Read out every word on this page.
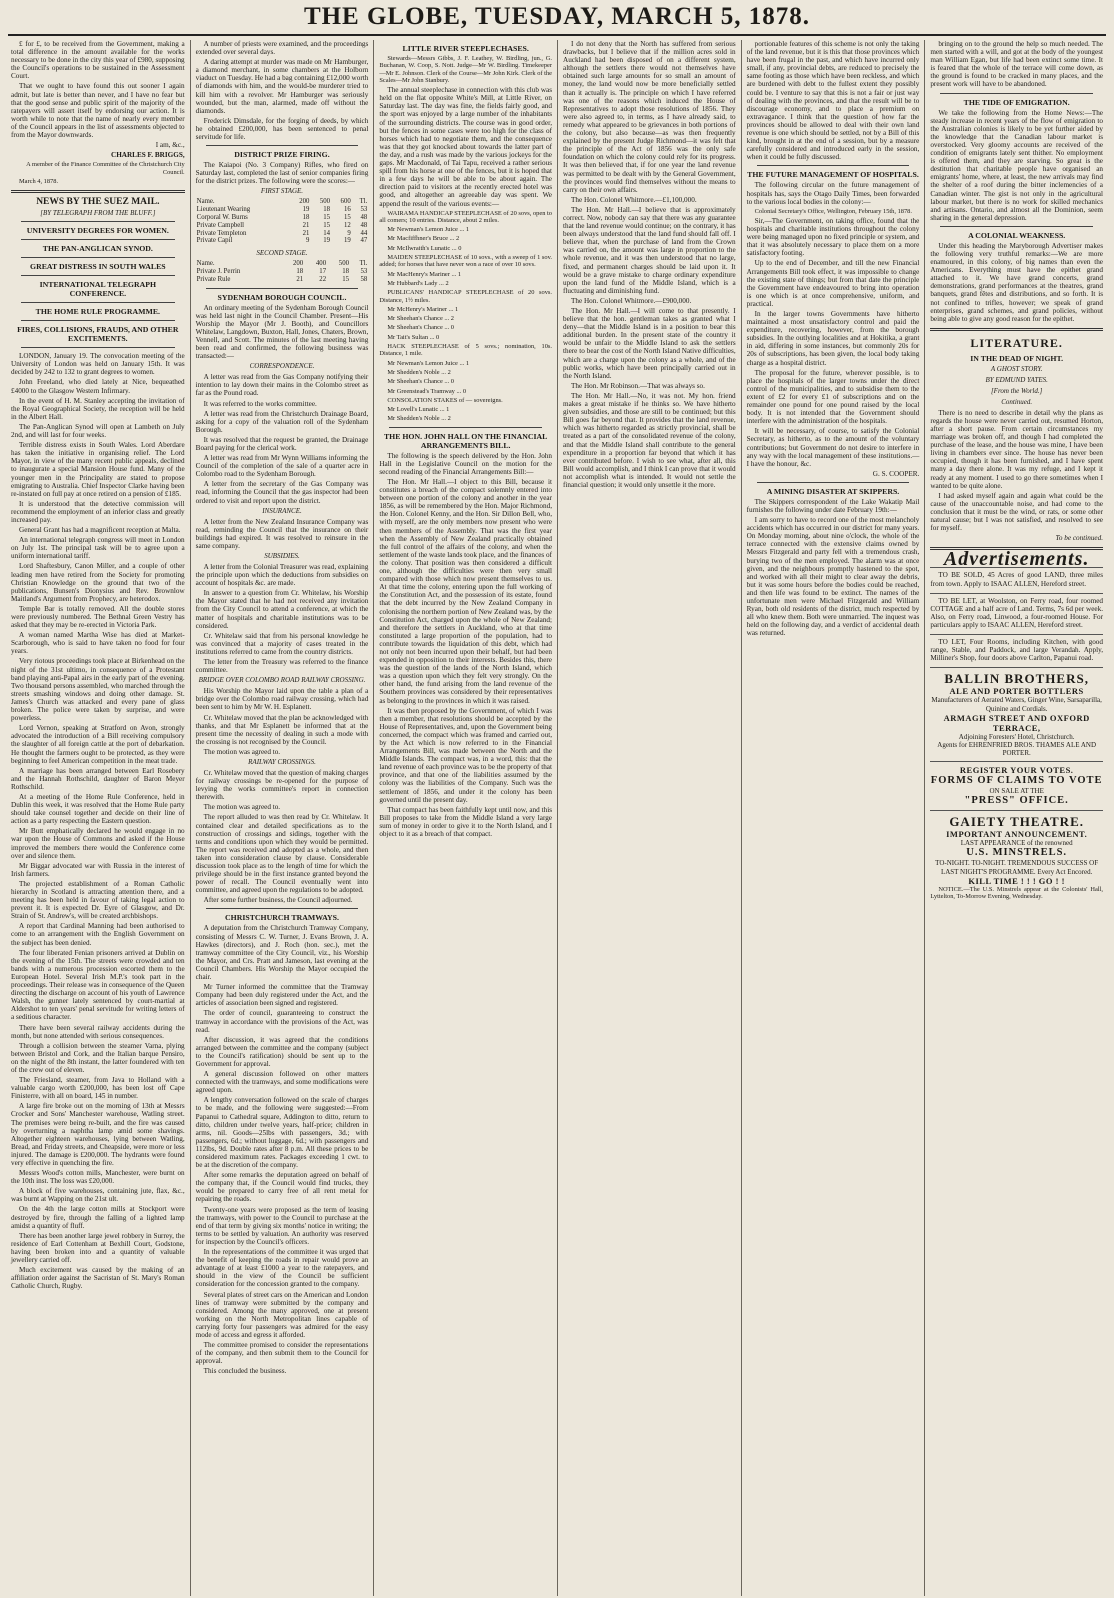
THE GLOBE, TUESDAY, MARCH 5, 1878.

£ for £, to be received from the Government, making a total difference in the amount available for the works necessary to be done in the city this year of £980, supposing the Council's operations to be sustained in the Assessment Court.

That we ought to have found this out sooner I again admit, but late is better than never, and I have no fear but that the good sense and public spirit of the majority of the ratepayers will assert itself by endorsing our action. It is worth while to note that the name of nearly every member of the Council appears in the list of assessments objected to from the Mayor downwards.

I am, &c.,

CHARLES F. BRIGGS,

A member of the Finance Committee of the Christchurch City Council.

March 4, 1878.

NEWS BY THE SUEZ MAIL.
[BY TELEGRAPH FROM THE BLUFF.]
UNIVERSITY DEGREES FOR WOMEN.
THE PAN-ANGLICAN SYNOD.
GREAT DISTRESS IN SOUTH WALES
INTERNATIONAL TELEGRAPH CONFERENCE.
THE HOME RULE PROGRAMME.
FIRES, COLLISIONS, FRAUDS, AND OTHER EXCITEMENTS.

LONDON, January 19. The convocation meeting of the University of London was held on January 15th. It was decided by 242 to 132 to grant degrees to women.

John Freeland, who died lately at Nice, bequeathed £4000 to the Glasgow Western Infirmary.

In the event of H. M. Stanley accepting the invitation of the Royal Geographical Society, the reception will be held in the Albert Hall.

The Pan-Anglican Synod will open at Lambeth on July 2nd, and will last for four weeks.

Terrible distress exists in South Wales. Lord Aberdare has taken the initiative in organising relief. The Lord Mayor, in view of the many recent public appeals, declined to inaugurate a special Mansion House fund. Many of the younger men in the Principality are stated to propose emigrating to Australia. Chief Inspector Clarke having been re-instated on full pay at once retired on a pension of £185.

It is understood that the detective commission will recommend the employment of an inferior class and greatly increased pay.

General Grant has had a magnificent reception at Malta.

An international telegraph congress will meet in London on July 1st. The principal task will be to agree upon a uniform international tariff.

Lord Shaftesbury, Canon Miller, and a couple of other leading men have retired from the Society for promoting Christian Knowledge on the ground that two of the publications, Bunsen's Dionysius and Rev. Brownlow Maitland's Argument from Prophecy, are heterodox.

Temple Bar is totally removed. All the double stores were previously numbered. The Bethnal Green Vestry has asked that they may be re-erected in Victoria Park.

A woman named Martha Wise has died at Market-Scarborough, who is said to have taken no food for four years.

Very riotous proceedings took place at Birkenhead on the night of the 31st ultimo, in consequence of a Protestant band playing anti-Papal airs in the early part of the evening. Two thousand persons assembled, who marched through the streets smashing windows and doing other damage. St. James's Church was attacked and every pane of glass broken. The police were taken by surprise, and were powerless.

Lord Vernon, speaking at Stratford on Avon, strongly advocated the introduction of a Bill receiving compulsory the slaughter of all foreign cattle at the port of debarkation. He thought the farmers ought to be protected, as they were beginning to feel American competition in the meat trade.

A marriage has been arranged between Earl Rosebery and the Hannah Rothschild, daughter of Baron Meyer Rothschild.

At a meeting of the Home Rule Conference, held in Dublin this week, it was resolved that the Home Rule party should take counsel together and decide on their line of action as a party respecting the Eastern question.

Mr Butt emphatically declared he would engage in no war upon the House of Commons and asked if the House improved the members there would the Conference come over and silence them.

Mr Biggar advocated war with Russia in the interest of Irish farmers.

The projected establishment of a Roman Catholic hierarchy in Scotland is attracting attention there, and a meeting has been held in favour of taking legal action to prevent it. It is expected Dr. Eyre of Glasgow, and Dr. Strain of St. Andrew's, will be created archbishops.

A report that Cardinal Manning had been authorised to come to an arrangement with the English Government on the subject has been denied.

The four liberated Fenian prisoners arrived at Dublin on the evening of the 15th. The streets were crowded and ten bands with a numerous procession escorted them to the European Hotel. Several Irish M.P.'s took part in the proceedings. Their release was in consequence of the Queen directing the discharge on account of his youth of Lawrence Walsh, the gunner lately sentenced by court-martial at Aldershot to ten years' penal servitude for writing letters of a seditious character.

There have been several railway accidents during the month, but none attended with serious consequences.

Through a collision between the steamer Varna, plying between Bristol and Cork, and the Italian barque Pensiro, on the night of the 8th instant, the latter foundered with ten of the crew out of eleven.

The Friesland, steamer, from Java to Holland with a valuable cargo worth £200,000, has been lost off Cape Finisterre, with all on board, 145 in number.

A large fire broke out on the morning of 13th at Messrs Crocker and Sons' Manchester warehouse, Watling street. The premises were being re-built, and the fire was caused by overturning a naphtha lamp amid some shavings. Altogether eighteen warehouses, lying between Watling, Bread, and Friday streets, and Cheapside, were more or less injured. The damage is £200,000. The hydrants were found very effective in quenching the fire.

Messrs Wood's cotton mills, Manchester, were burnt on the 10th inst. The loss was £20,000.

A block of five warehouses, containing jute, flax, &c., was burnt at Wapping on the 21st ult.

On the 4th the large cotton mills at Stockport were destroyed by fire, through the falling of a lighted lamp amidst a quantity of fluff.

There has been another large jewel robbery in Surrey, the residence of Earl Cottenham at Bexhill Court, Godstone, having been broken into and a quantity of valuable jewellery carried off.

Much excitement was caused by the making of an affiliation order against the Sacristan of St. Mary's Roman Catholic Church, Rugby.

A number of priests were examined, and the proceedings extended over several days.

A daring attempt at murder was made on Mr Hamburger, a diamond merchant, in some chambers at the Holborn viaduct on Tuesday. He had a bag containing £12,000 worth of diamonds with him, and the would-be murderer tried to kill him with a revolver. Mr Hamburger was seriously wounded, but the man, alarmed, made off without the diamonds.

Frederick Dimsdale, for the forging of deeds, by which he obtained £200,000, has been sentenced to penal servitude for life.

DISTRICT PRIZE FIRING.

The Kaiapoi (No. 3 Company) Rifles, who fired on Saturday last, completed the last of senior companies firing for the district prizes. The following were the scores:—

FIRST STAGE.
Name.	200	500	600	Tl.
Lieutenant Wearing	19	18	16	53
Corporal W. Burns	18	15	15	48
Private Campbell	21	15	12	48
Private Templeton	21	14	9	44
Private Capil	9	19	19	47
SECOND STAGE.
Name.	200	400	500	Tl.
Private J. Perrin	18	17	18	53
Private Rule	21	22	15	58
SYDENHAM BOROUGH COUNCIL.

An ordinary meeting of the Sydenham Borough Council was held last night in the Council Chamber. Present—His Worship the Mayor (Mr J. Booth), and Councillors Whitelaw, Langdown, Buxton, Hall, Jones, Chaters, Brown, Vennell, and Scott. The minutes of the last meeting having been read and confirmed, the following business was transacted:—

CORRESPONDENCE.

A letter was read from the Gas Company notifying their intention to lay down their mains in the Colombo street as far as the Pound road.

It was referred to the works committee.

A letter was read from the Christchurch Drainage Board, asking for a copy of the valuation roll of the Sydenham Borough.

It was resolved that the request be granted, the Drainage Board paying for the clerical work.

A letter was read from Mr Wynn Williams informing the Council of the completion of the sale of a quarter acre in Colombo road to the Sydenham Borough.

A letter from the secretary of the Gas Company was read, informing the Council that the gas inspector had been ordered to visit and report upon the district.

INSURANCE.

A letter from the New Zealand Insurance Company was read, reminding the Council that the insurance on their buildings had expired. It was resolved to reinsure in the same company.

SUBSIDIES.

A letter from the Colonial Treasurer was read, explaining the principle upon which the deductions from subsidies on account of hospitals &c. are made.

In answer to a question from Cr. Whitelaw, his Worship the Mayor stated that he had not received any invitation from the City Council to attend a conference, at which the matter of hospitals and charitable institutions was to be considered.

Cr. Whitelaw said that from his personal knowledge he was convinced that a majority of cases treated in the institutions referred to came from the country districts.

The letter from the Treasury was referred to the finance committee.

BRIDGE OVER COLOMBO ROAD RAILWAY CROSSING.

His Worship the Mayor laid upon the table a plan of a bridge over the Colombo road railway crossing, which had been sent to him by Mr W. H. Esplanett.

Cr. Whitelaw moved that the plan be acknowledged with thanks, and that Mr Esplanett be informed that at the present time the necessity of dealing in such a mode with the crossing is not recognised by the Council.

The motion was agreed to.

RAILWAY CROSSINGS.

Cr. Whitelaw moved that the question of making charges for railway crossings be re-opened for the purpose of levying the works committee's report in connection therewith.

The motion was agreed to.

The report alluded to was then read by Cr. Whitelaw. It contained clear and detailed specifications as to the construction of crossings and sidings, together with the terms and conditions upon which they would be permitted. The report was received and adopted as a whole, and then taken into consideration clause by clause. Considerable discussion took place as to the length of time for which the privilege should be in the first instance granted beyond the power of recall. The Council eventually went into committee, and agreed upon the regulations to be adopted.

After some further business, the Council adjourned.

CHRISTCHURCH TRAMWAYS.

A deputation from the Christchurch Tramway Company, consisting of Messrs C. W. Turner, J. Evans Brown, J. A. Hawkes (directors), and J. Roch (hon. sec.), met the tramway committee of the City Council, viz., his Worship the Mayor, and Crs. Pratt and Jameson, last evening at the Council Chambers. His Worship the Mayor occupied the chair.

Mr Turner informed the committee that the Tramway Company had been duly registered under the Act, and the articles of association been signed and registered.

The order of council, guaranteeing to construct the tramway in accordance with the provisions of the Act, was read.

After discussion, it was agreed that the conditions arranged between the committee and the company (subject to the Council's ratification) should be sent up to the Government for approval.

A general discussion followed on other matters connected with the tramways, and some modifications were agreed upon.

A lengthy conversation followed on the scale of charges to be made, and the following were suggested:—From Papanui to Cathedral square, Addington to ditto, return to ditto, children under twelve years, half-price; children in arms, nil. Goods—25lbs with passengers, 3d.; with passengers, 6d.; without luggage, 6d.; with passengers and 112lbs, 9d. Double rates after 8 p.m. All these prices to be considered maximum rates. Packages exceeding 1 cwt. to be at the discretion of the company.

After some remarks the deputation agreed on behalf of the company that, if the Council would find trucks, they would be prepared to carry free of all rent metal for repairing the roads.

Twenty-one years were proposed as the term of leasing the tramways, with power to the Council to purchase at the end of that term by giving six months' notice in writing; the terms to be settled by valuation. An authority was reserved for inspection by the Council's officers.

In the representations of the committee it was urged that the benefit of keeping the roads in repair would prove an advantage of at least £1000 a year to the ratepayers, and should in the view of the Council be sufficient consideration for the concession granted to the company.

Several plates of street cars on the American and London lines of tramway were submitted by the company and considered. Among the many approved, one at present working on the North Metropolitan lines capable of carrying forty four passengers was admired for the easy mode of access and egress it afforded.

The committee promised to consider the representations of the company, and then submit them to the Council for approval.

This concluded the business.

LITTLE RIVER STEEPLECHASES.

Stewards—Messrs Gibbs, J. F. Leathey, W. Birdling, jun., G. Buchanan, W. Coop, S. Nott. Judge—Mr W. Birdling. Timekeeper—Mr E. Johnson. Clerk of the Course—Mr John Kirk. Clerk of the Scales—Mr John Stanbury.

The annual steeplechase in connection with this club was held on the flat opposite White's Mill, at Little River, on Saturday last. The day was fine, the fields fairly good, and the sport was enjoyed by a large number of the inhabitants of the surrounding districts. The course was in good order, but the fences in some cases were too high for the class of horses which had to negotiate them, and the consequence was that they got knocked about towards the latter part of the day, and a rush was made by the various jockeys for the gaps. Mr Macdonald, of Tai Tapu, received a rather serious spill from his horse at one of the fences, but it is hoped that in a few days he will be able to be about again. The direction paid to visitors at the recently erected hotel was good, and altogether an agreeable day was spent. We append the result of the various events:—

WAIRAMA HANDICAP STEEPLECHASE of 20 sovs, open to all comers; 10 entries. Distance, about 2 miles.

Mr Newman's Lemon Juice ... 1

Mr Macfiffhner's Bruce ... 2

Mr McIlwraith's Lunatic ... 0

MAIDEN STEEPLECHASE of 10 sovs., with a sweep of 1 sov. added; for horses that have never won a race of over 10 sovs.

Mr MacHenry's Mariner ... 1

Mr Hubbard's Lady ... 2

PUBLICANS' HANDICAP STEEPLECHASE of 20 sovs. Distance, 1½ miles.

Mr McHenry's Mariner ... 1

Mr Sheehan's Chance ... 2

Mr Sheehan's Chance ... 0

Mr Tait's Sultan ... 0

HACK STEEPLECHASE of 5 sovs.; nomination, 10s. Distance, 1 mile.

Mr Newman's Lemon Juice ... 1

Mr Shedden's Noble ... 2

Mr Sheehan's Chance ... 0

Mr Greenstead's Tramway ... 0

CONSOLATION STAKES of — sovereigns.

Mr Lovell's Lunatic ... 1

Mr Shedden's Noble ... 2

THE HON. JOHN HALL ON THE FINANCIAL ARRANGEMENTS BILL.

The following is the speech delivered by the Hon. John Hall in the Legislative Council on the motion for the second reading of the Financial Arrangements Bill:—

The Hon. Mr Hall.—I object to this Bill, because it constitutes a breach of the compact solemnly entered into between one portion of the colony and another in the year 1856, as will be remembered by the Hon. Major Richmond, the Hon. Colonel Kenny, and the Hon. Sir Dillon Bell, who, with myself, are the only members now present who were then members of the Assembly. That was the first year when the Assembly of New Zealand practically obtained the full control of the affairs of the colony, and when the settlement of the waste lands took place, and the finances of the colony. That position was then considered a difficult one, although the difficulties were then very small compared with those which now present themselves to us. At that time the colony, entering upon the full working of the Constitution Act, and the possession of its estate, found that the debt incurred by the New Zealand Company in colonising the northern portion of New Zealand was, by the Constitution Act, charged upon the whole of New Zealand; and therefore the settlers in Auckland, who at that time constituted a large proportion of the population, had to contribute towards the liquidation of this debt, which had not only not been incurred upon their behalf, but had been expended in opposition to their interests. Besides this, there was the question of the lands of the North Island, which was a question upon which they felt very strongly. On the other hand, the fund arising from the land revenue of the Southern provinces was considered by their representatives as belonging to the provinces in which it was raised.

It was then proposed by the Government, of which I was then a member, that resolutions should be accepted by the House of Representatives, and, upon the Government being concerned, the compact which was framed and carried out, by the Act which is now referred to in the Financial Arrangements Bill, was made between the North and the Middle Islands. The compact was, in a word, this: that the land revenue of each province was to be the property of that province, and that one of the liabilities assumed by the colony was the liabilities of the Company. Such was the settlement of 1856, and under it the colony has been governed until the present day.

That compact has been faithfully kept until now, and this Bill proposes to take from the Middle Island a very large sum of money in order to give it to the North Island, and I object to it as a breach of that compact.

I do not deny that the North has suffered from serious drawbacks, but I believe that if the million acres sold in Auckland had been disposed of on a different system, although the settlers there would not themselves have obtained such large amounts for so small an amount of money, the land would now be more beneficially settled than it actually is. The principle on which I have referred was one of the reasons which induced the House of Representatives to adopt those resolutions of 1856. They were also agreed to, in terms, as I have already said, to remedy what appeared to be grievances in both portions of the colony, but also because—as was then frequently explained by the present Judge Richmond—it was felt that the principle of the Act of 1856 was the only safe foundation on which the colony could rely for its progress. It was then believed that, if for one year the land revenue was permitted to be dealt with by the General Government, the provinces would find themselves without the means to carry on their own affairs.

The Hon. Colonel Whitmore.—£1,100,000.

The Hon. Mr Hall.—I believe that is approximately correct. Now, nobody can say that there was any guarantee that the land revenue would continue; on the contrary, it has been always understood that the land fund should fall off. I believe that, when the purchase of land from the Crown was carried on, the amount was large in proportion to the whole revenue, and it was then understood that no large, fixed, and permanent charges should be laid upon it. It would be a grave mistake to charge ordinary expenditure upon the land fund of the Middle Island, which is a fluctuating and diminishing fund.

The Hon. Colonel Whitmore.—£900,000.

The Hon. Mr Hall.—I will come to that presently. I believe that the hon. gentleman takes as granted what I deny—that the Middle Island is in a position to bear this additional burden. In the present state of the country it would be unfair to the Middle Island to ask the settlers there to bear the cost of the North Island Native difficulties, which are a charge upon the colony as a whole, and of the public works, which have been principally carried out in the North Island.

The Hon. Mr Robinson.—That was always so.

The Hon. Mr Hall.—No, it was not. My hon. friend makes a great mistake if he thinks so. We have hitherto given subsidies, and those are still to be continued; but this Bill goes far beyond that. It provides that the land revenue, which was hitherto regarded as strictly provincial, shall be treated as a part of the consolidated revenue of the colony, and that the Middle Island shall contribute to the general expenditure in a proportion far beyond that which it has ever contributed before. I wish to see what, after all, this Bill would accomplish, and I think I can prove that it would not accomplish what is intended. It would not settle the financial question; it would only unsettle it the more.

portionable features of this scheme is not only the taking of the land revenue, but it is this that those provinces which have been frugal in the past, and which have incurred only small, if any, provincial debts, are reduced to precisely the same footing as those which have been reckless, and which are burdened with debt to the fullest extent they possibly could be. I venture to say that this is not a fair or just way of dealing with the provinces, and that the result will be to discourage economy, and to place a premium on extravagance. I think that the question of how far the provinces should be allowed to deal with their own land revenue is one which should be settled, not by a Bill of this kind, brought in at the end of a session, but by a measure carefully considered and introduced early in the session, when it could be fully discussed.

THE FUTURE MANAGEMENT OF HOSPITALS.

The following circular on the future management of hospitals has, says the Otago Daily Times, been forwarded to the various local bodies in the colony:—

Colonial Secretary's Office, Wellington, February 15th, 1878.

Sir,—The Government, on taking office, found that the hospitals and charitable institutions throughout the colony were being managed upon no fixed principle or system, and that it was absolutely necessary to place them on a more satisfactory footing.

Up to the end of December, and till the new Financial Arrangements Bill took effect, it was impossible to change the existing state of things; but from that date the principle the Government have endeavoured to bring into operation is one which is at once comprehensive, uniform, and practical.

In the larger towns Governments have hitherto maintained a most unsatisfactory control and paid the expenditure, recovering, however, from the borough subsidies. In the outlying localities and at Hokitika, a grant in aid, differing in some instances, but commonly 20s for 20s of subscriptions, has been given, the local body taking charge as a hospital district.

The proposal for the future, wherever possible, is to place the hospitals of the larger towns under the direct control of the municipalities, and to subsidise them to the extent of £2 for every £1 of subscriptions and on the remainder one pound for one pound raised by the local body. It is not intended that the Government should interfere with the administration of the hospitals.

It will be necessary, of course, to satisfy the Colonial Secretary, as hitherto, as to the amount of the voluntary contributions; but Government do not desire to interfere in any way with the local management of these institutions.—I have the honour, &c.

G. S. COOPER.

A MINING DISASTER AT SKIPPERS.

The Skippers correspondent of the Lake Wakatip Mail furnishes the following under date February 19th:—

I am sorry to have to record one of the most melancholy accidents which has occurred in our district for many years. On Monday morning, about nine o'clock, the whole of the terrace connected with the extensive claims owned by Messrs Fitzgerald and party fell with a tremendous crash, burying two of the men employed. The alarm was at once given, and the neighbours promptly hastened to the spot, and worked with all their might to clear away the debris, but it was some hours before the bodies could be reached, and then life was found to be extinct. The names of the unfortunate men were Michael Fitzgerald and William Ryan, both old residents of the district, much respected by all who knew them. Both were unmarried. The inquest was held on the following day, and a verdict of accidental death was returned.

bringing on to the ground the help so much needed. The men started with a will, and got at the body of the youngest man William Egan, but life had been extinct some time. It is feared that the whole of the terrace will come down, as the ground is found to be cracked in many places, and the present work will have to be abandoned.

THE TIDE OF EMIGRATION.

We take the following from the Home News:—The steady increase in recent years of the flow of emigration to the Australian colonies is likely to be yet further aided by the knowledge that the Canadian labour market is overstocked. Very gloomy accounts are received of the condition of emigrants lately sent thither. No employment is offered them, and they are starving. So great is the destitution that charitable people have organised an emigrants' home, where, at least, the new arrivals may find the shelter of a roof during the bitter inclemencies of a Canadian winter. The gist is not only in the agricultural labour market, but there is no work for skilled mechanics and artisans. Ontario, and almost all the Dominion, seem sharing in the general depression.

A COLONIAL WEAKNESS.

Under this heading the Maryborough Advertiser makes the following very truthful remarks:—We are more enamoured, in this colony, of big names than even the Americans. Everything must have the epithet grand attached to it. We have grand concerts, grand demonstrations, grand performances at the theatres, grand banquets, grand fêtes and distributions, and so forth. It is not confined to trifles, however; we speak of grand enterprises, grand schemes, and grand policies, without being able to give any good reason for the epithet.

LITERATURE.
IN THE DEAD OF NIGHT.
A GHOST STORY.
BY EDMUND YATES.
[From the World.]
Continued.

There is no need to describe in detail why the plans as regards the house were never carried out, resumed Horton, after a short pause. From certain circumstances my marriage was broken off, and though I had completed the purchase of the lease, and the house was mine, I have been living in chambers ever since. The house has never been occupied, though it has been furnished, and I have spent many a day there alone. It was my refuge, and I kept it ready at any moment. I used to go there sometimes when I wanted to be quite alone.

I had asked myself again and again what could be the cause of the unaccountable noise, and had come to the conclusion that it must be the wind, or rats, or some other natural cause; but I was not satisfied, and resolved to see for myself.

To be continued.

Advertisements.

TO BE SOLD, 45 Acres of good LAND, three miles from town. Apply to ISAAC ALLEN, Hereford street.

TO BE LET, at Woolston, on Ferry road, four roomed COTTAGE and a half acre of Land. Terms, 7s 6d per week. Also, on Ferry road, Linwood, a four-roomed House. For particulars apply to ISAAC ALLEN, Hereford street.

TO LET, Four Rooms, including Kitchen, with good range, Stable, and Paddock, and large Verandah. Apply, Milliner's Shop, four doors above Carlton, Papanui road.

BALLIN BROTHERS,
ALE AND PORTER BOTTLERS
Manufacturers of Aerated Waters, Ginger Wine, Sarsaparilla, Quinine and Cordials.
ARMAGH STREET AND OXFORD TERRACE,
Adjoining Foresters' Hotel, Christchurch.
Agents for EHRENFRIED BROS. THAMES ALE AND PORTER.
REGISTER YOUR VOTES.
FORMS OF CLAIMS TO VOTE
ON SALE AT THE
"PRESS" OFFICE.
GAIETY THEATRE.
IMPORTANT ANNOUNCEMENT.
LAST APPEARANCE of the renowned
U.S. MINSTRELS.
TO-NIGHT. TO-NIGHT. TREMENDOUS SUCCESS OF LAST NIGHT'S PROGRAMME. Every Act Encored.
KILL TIME ! ! ! GO ! !

NOTICE.—The U.S. Minstrels appear at the Colonists' Hall, Lyttelton, To-Morrow Evening, Wednesday.
